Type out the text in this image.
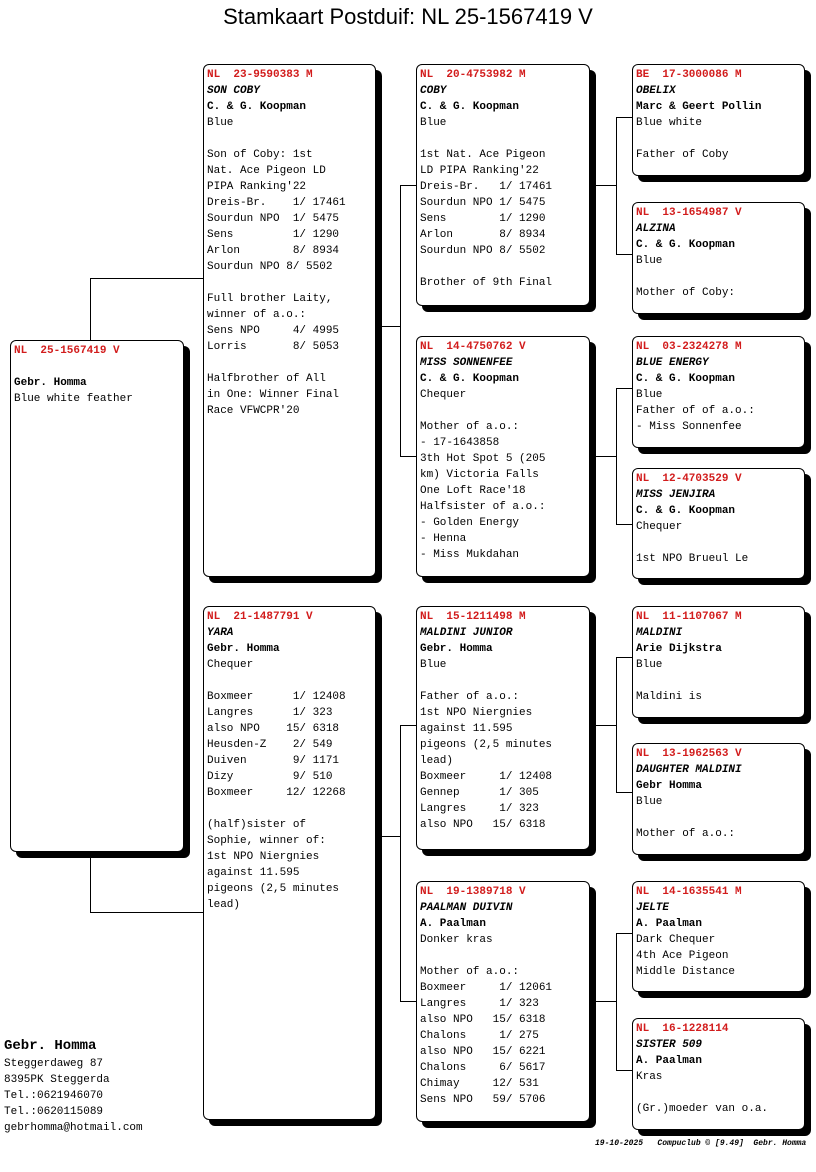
Stamkaart Postduif: NL 25-1567419 V
NL  25-1567419 V
Gebr. Homma
Blue white feather
NL  23-9590383 M
SON COBY
C. & G. Koopman
Blue
Son of Coby: 1st
Nat. Ace Pigeon LD
PIPA Ranking'22
Dreis-Br.    1/ 17461
Sourdun NPO  1/ 5475
Sens         1/ 1290
Arlon        8/ 8934
Sourdun NPO 8/ 5502
Full brother Laity,
winner of a.o.:
Sens NPO     4/ 4995
Lorris       8/ 5053
Halfbrother of All
in One: Winner Final
Race VFWCPR'20
NL  21-1487791 V
YARA
Gebr. Homma
Chequer
Boxmeer      1/ 12408
Langres      1/ 323
also NPO    15/ 6318
Heusden-Z    2/ 549
Duiven       9/ 1171
Dizy         9/ 510
Boxmeer     12/ 12268
(half)sister of
Sophie, winner of:
1st NPO Niergnies
against 11.595
pigeons (2,5 minutes
lead)
NL  20-4753982 M
COBY
C. & G. Koopman
Blue
1st Nat. Ace Pigeon
LD PIPA Ranking'22
Dreis-Br.   1/ 17461
Sourdun NPO 1/ 5475
Sens        1/ 1290
Arlon       8/ 8934
Sourdun NPO 8/ 5502
Brother of 9th Final
NL  14-4750762 V
MISS SONNENFEE
C. & G. Koopman
Chequer
Mother of a.o.:
- 17-1643858
3th Hot Spot 5 (205
km) Victoria Falls
One Loft Race'18
Halfsister of a.o.:
- Golden Energy
- Henna
- Miss Mukdahan
NL  15-1211498 M
MALDINI JUNIOR
Gebr. Homma
Blue
Father of a.o.:
1st NPO Niergnies
against 11.595
pigeons (2,5 minutes
lead)
Boxmeer     1/ 12408
Gennep      1/ 305
Langres     1/ 323
also NPO   15/ 6318
NL  19-1389718 V
PAALMAN DUIVIN
A. Paalman
Donker kras
Mother of a.o.:
Boxmeer     1/ 12061
Langres     1/ 323
also NPO   15/ 6318
Chalons     1/ 275
also NPO   15/ 6221
Chalons     6/ 5617
Chimay     12/ 531
Sens NPO   59/ 5706
BE  17-3000086 M
OBELIX
Marc & Geert Pollin
Blue white
Father of Coby
NL  13-1654987 V
ALZINA
C. & G. Koopman
Blue
Mother of Coby:
NL  03-2324278 M
BLUE ENERGY
C. & G. Koopman
Blue
Father of of a.o.:
- Miss Sonnenfee
NL  12-4703529 V
MISS JENJIRA
C. & G. Koopman
Chequer
1st NPO Brueul Le
NL  11-1107067 M
MALDINI
Arie Dijkstra
Blue
Maldini is
NL  13-1962563 V
DAUGHTER MALDINI
Gebr Homma
Blue
Mother of a.o.:
NL  14-1635541 M
JELTE
A. Paalman
Dark Chequer
4th Ace Pigeon
Middle Distance
NL  16-1228114
SISTER 509
A. Paalman
Kras
(Gr.)moeder van o.a.
Gebr. Homma
Steggerdaweg 87
8395PK Steggerda
Tel.:0621946070
Tel.:0620115089
gebrhomma@hotmail.com
19-10-2025   Compuclub © [9.49]  Gebr. Homma
